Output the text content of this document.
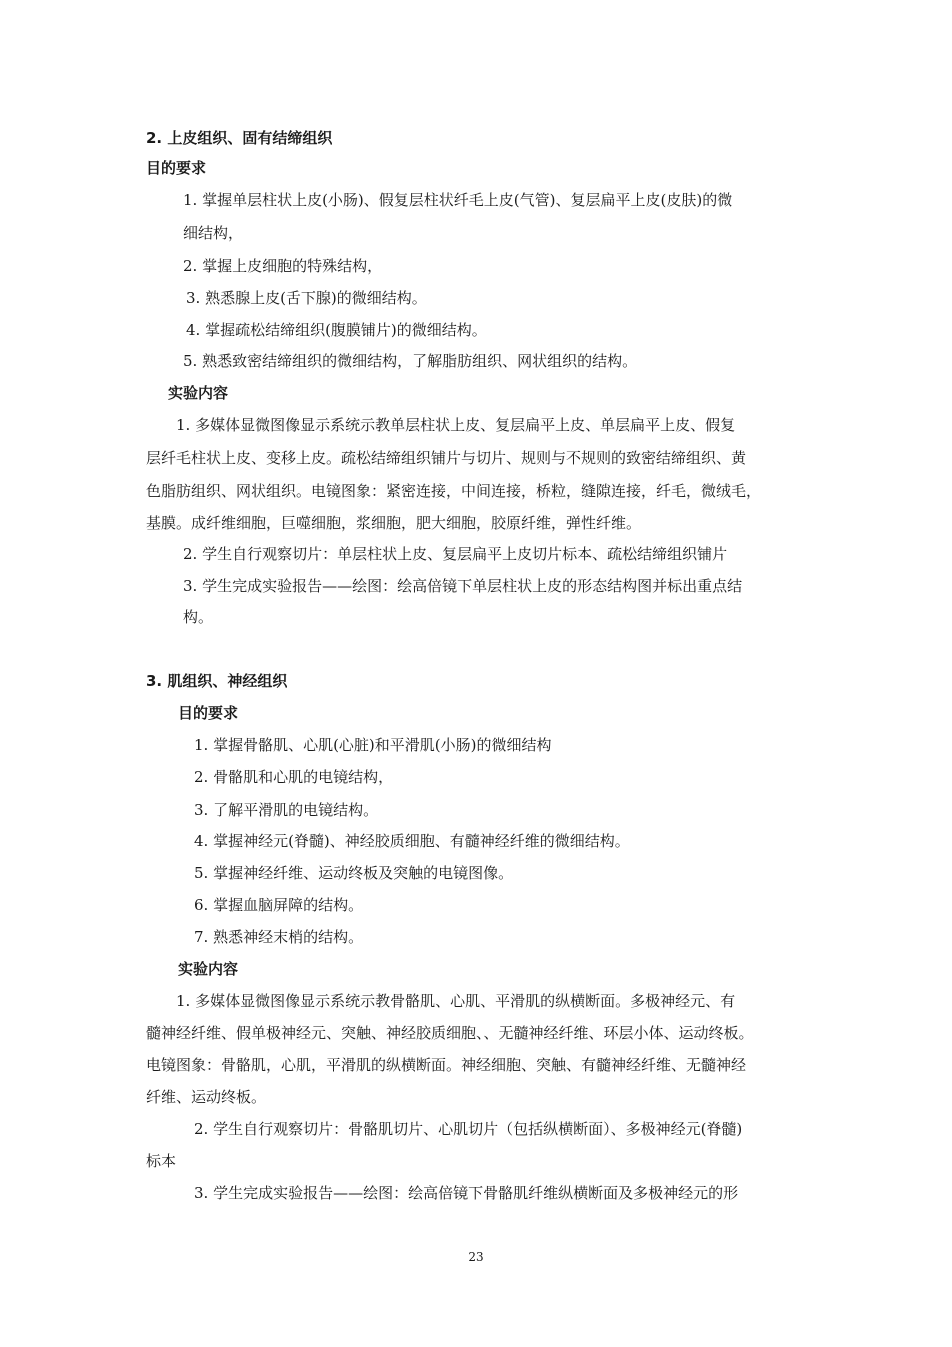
2. 上皮组织、固有结缔组织
目的要求
1. 掌握单层柱状上皮(小肠)、假复层柱状纤毛上皮(气管)、复层扁平上皮(皮肤)的微
细结构，
2. 掌握上皮细胞的特殊结构，
3. 熟悉腺上皮(舌下腺)的微细结构。
4. 掌握疏松结缔组织(腹膜铺片)的微细结构。
5. 熟悉致密结缔组织的微细结构，了解脂肪组织、网状组织的结构。
实验内容
1. 多媒体显微图像显示系统示教单层柱状上皮、复层扁平上皮、单层扁平上皮、假复
层纤毛柱状上皮、变移上皮。疏松结缔组织铺片与切片、规则与不规则的致密结缔组织、黄
色脂肪组织、网状组织。电镜图象：紧密连接，中间连接，桥粒，缝隙连接，纤毛，微绒毛，
基膜。成纤维细胞，巨噬细胞，浆细胞，肥大细胞，胶原纤维，弹性纤维。
2. 学生自行观察切片：单层柱状上皮、复层扁平上皮切片标本、疏松结缔组织铺片
3. 学生完成实验报告——绘图：绘高倍镜下单层柱状上皮的形态结构图并标出重点结
构。
3. 肌组织、神经组织
目的要求
1. 掌握骨骼肌、心肌(心脏)和平滑肌(小肠)的微细结构
2. 骨骼肌和心肌的电镜结构，
3. 了解平滑肌的电镜结构。
4. 掌握神经元(脊髓)、神经胶质细胞、有髓神经纤维的微细结构。
5. 掌握神经纤维、运动终板及突触的电镜图像。
6. 掌握血脑屏障的结构。
7. 熟悉神经末梢的结构。
实验内容
1. 多媒体显微图像显示系统示教骨骼肌、心肌、平滑肌的纵横断面。多极神经元、有
髓神经纤维、假单极神经元、突触、神经胶质细胞、、无髓神经纤维、环层小体、运动终板。
电镜图象：骨骼肌，心肌，平滑肌的纵横断面。神经细胞、突触、有髓神经纤维、无髓神经
纤维、运动终板。
2. 学生自行观察切片：骨骼肌切片、心肌切片（包括纵横断面）、多极神经元(脊髓)
标本
3. 学生完成实验报告——绘图：绘高倍镜下骨骼肌纤维纵横断面及多极神经元的形
23
